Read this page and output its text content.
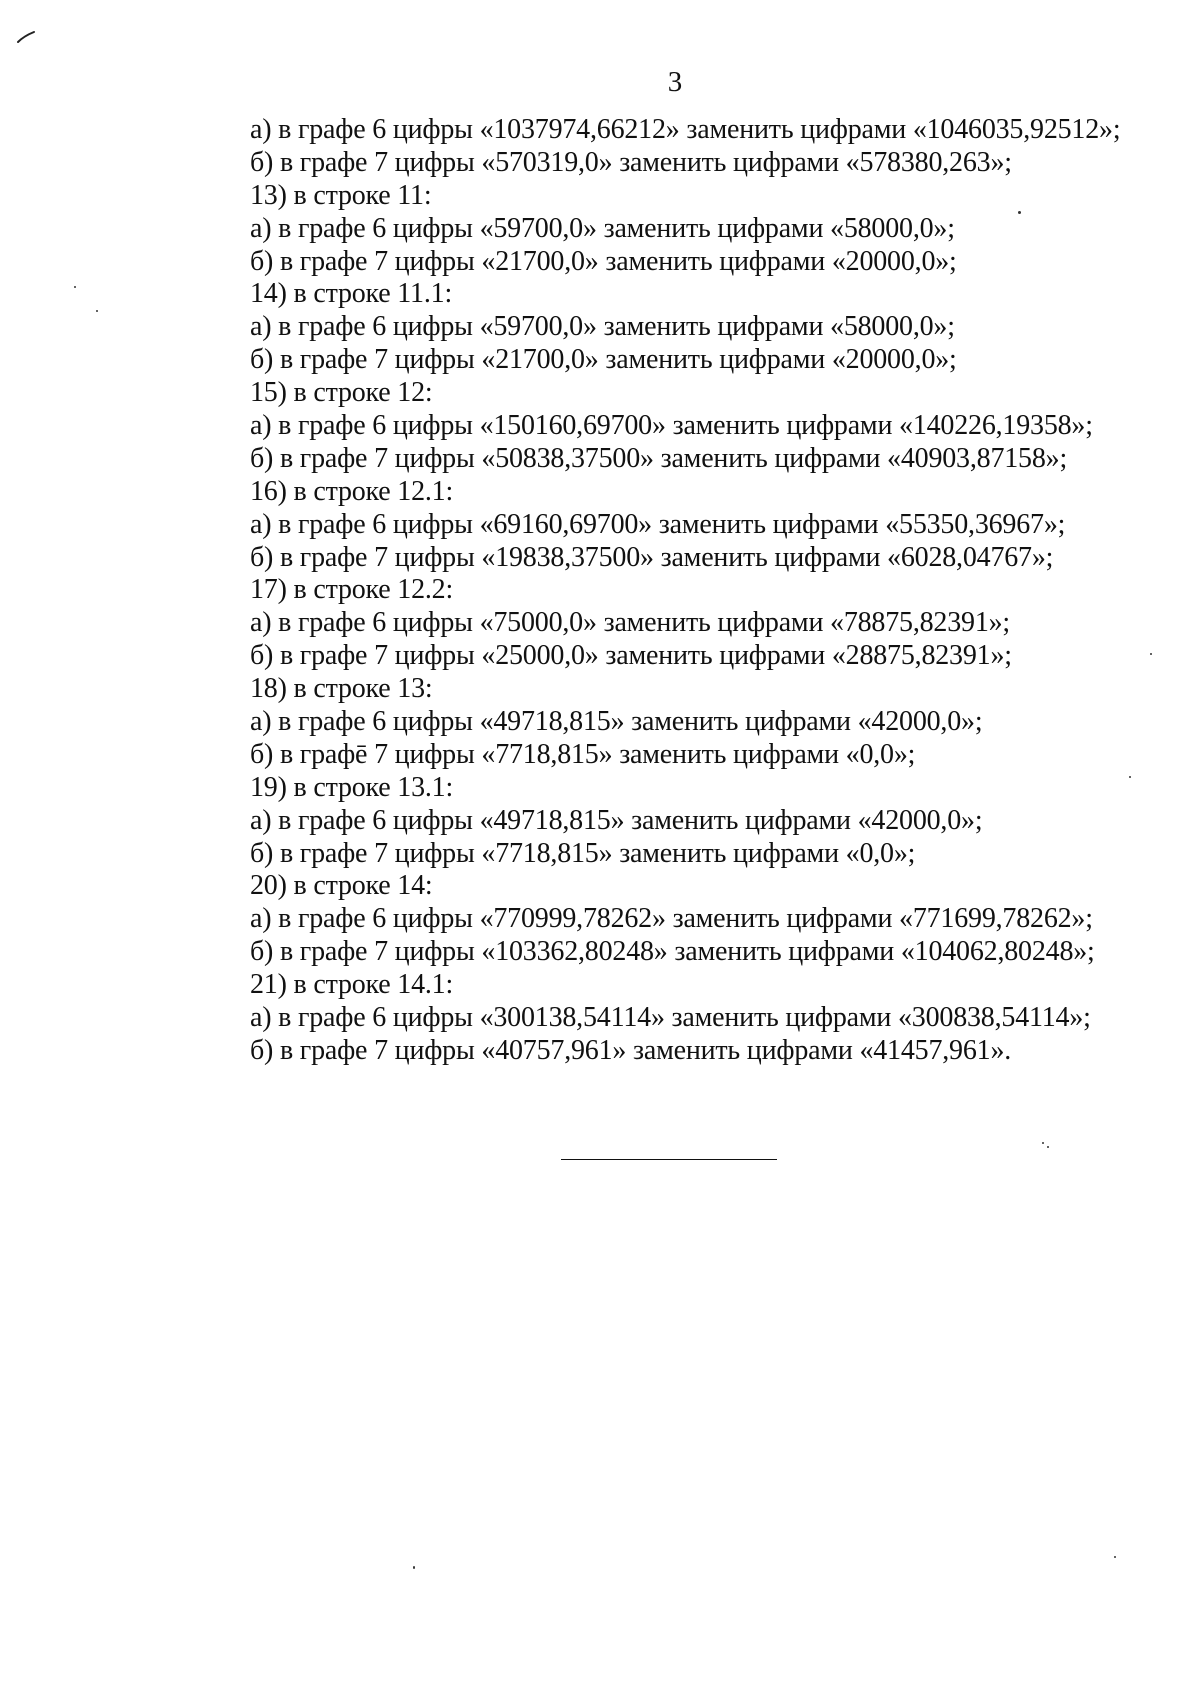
3
а) в графе 6 цифры «1037974,66212» заменить цифрами «1046035,92512»;
б) в графе 7 цифры «570319,0» заменить цифрами «578380,263»;
13) в строке 11:
а) в графе 6 цифры «59700,0» заменить цифрами «58000,0»;
б) в графе 7 цифры «21700,0» заменить цифрами «20000,0»;
14) в строке 11.1:
а) в графе 6 цифры «59700,0» заменить цифрами «58000,0»;
б) в графе 7 цифры «21700,0» заменить цифрами «20000,0»;
15) в строке 12:
а) в графе 6 цифры «150160,69700» заменить цифрами «140226,19358»;
б) в графе 7 цифры «50838,37500» заменить цифрами «40903,87158»;
16) в строке 12.1:
а) в графе 6 цифры «69160,69700» заменить цифрами «55350,36967»;
б) в графе 7 цифры «19838,37500» заменить цифрами «6028,04767»;
17) в строке 12.2:
а) в графе 6 цифры «75000,0» заменить цифрами «78875,82391»;
б) в графе 7 цифры «25000,0» заменить цифрами «28875,82391»;
18) в строке 13:
а) в графе 6 цифры «49718,815» заменить цифрами «42000,0»;
б) в графē 7 цифры «7718,815» заменить цифрами «0,0»;
19) в строке 13.1:
а) в графе 6 цифры «49718,815» заменить цифрами «42000,0»;
б) в графе 7 цифры «7718,815» заменить цифрами «0,0»;
20) в строке 14:
а) в графе 6 цифры «770999,78262» заменить цифрами «771699,78262»;
б) в графе 7 цифры «103362,80248» заменить цифрами «104062,80248»;
21) в строке 14.1:
а) в графе 6 цифры «300138,54114» заменить цифрами «300838,54114»;
б) в графе 7 цифры «40757,961» заменить цифрами «41457,961».
